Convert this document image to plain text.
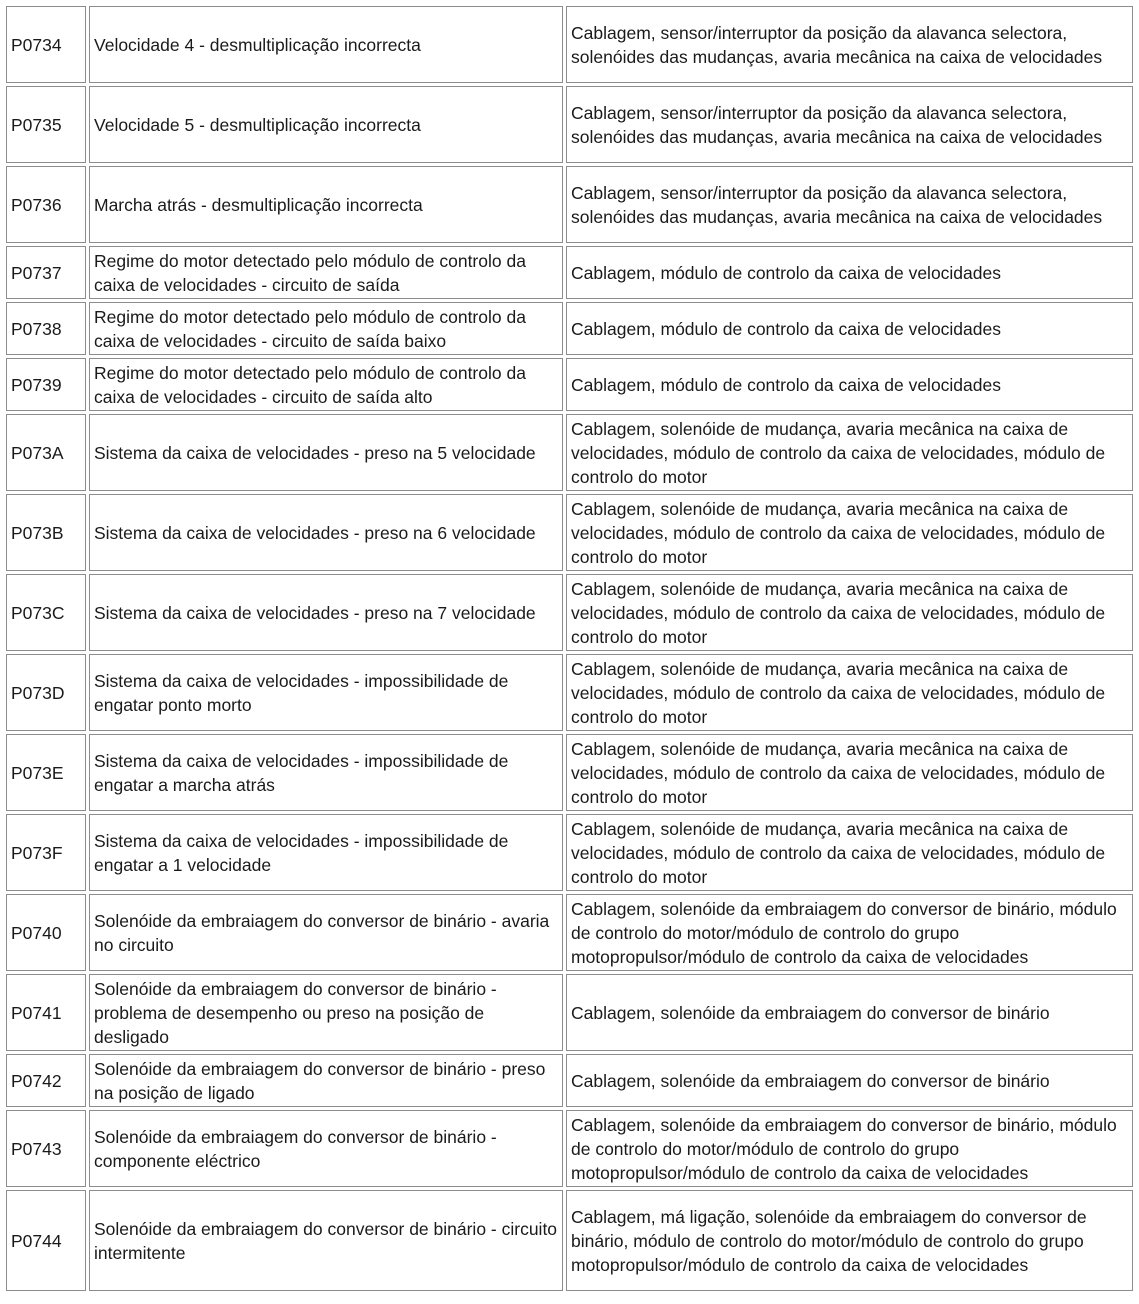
P0734	Velocidade 4 - desmultiplicação incorrecta	Cablagem, sensor/interruptor da posição da alavanca selectora, solenóides das mudanças, avaria mecânica na caixa de velocidades
P0735	Velocidade 5 - desmultiplicação incorrecta	Cablagem, sensor/interruptor da posição da alavanca selectora, solenóides das mudanças, avaria mecânica na caixa de velocidades
P0736	Marcha atrás - desmultiplicação incorrecta	Cablagem, sensor/interruptor da posição da alavanca selectora, solenóides das mudanças, avaria mecânica na caixa de velocidades
P0737	Regime do motor detectado pelo módulo de controlo da caixa de velocidades - circuito de saída	Cablagem, módulo de controlo da caixa de velocidades
P0738	Regime do motor detectado pelo módulo de controlo da caixa de velocidades - circuito de saída baixo	Cablagem, módulo de controlo da caixa de velocidades
P0739	Regime do motor detectado pelo módulo de controlo da caixa de velocidades - circuito de saída alto	Cablagem, módulo de controlo da caixa de velocidades
P073A	Sistema da caixa de velocidades - preso na 5 velocidade	Cablagem, solenóide de mudança, avaria mecânica na caixa de velocidades, módulo de controlo da caixa de velocidades, módulo de controlo do motor
P073B	Sistema da caixa de velocidades - preso na 6 velocidade	Cablagem, solenóide de mudança, avaria mecânica na caixa de velocidades, módulo de controlo da caixa de velocidades, módulo de controlo do motor
P073C	Sistema da caixa de velocidades - preso na 7 velocidade	Cablagem, solenóide de mudança, avaria mecânica na caixa de velocidades, módulo de controlo da caixa de velocidades, módulo de controlo do motor
P073D	Sistema da caixa de velocidades - impossibilidade de engatar ponto morto	Cablagem, solenóide de mudança, avaria mecânica na caixa de velocidades, módulo de controlo da caixa de velocidades, módulo de controlo do motor
P073E	Sistema da caixa de velocidades - impossibilidade de engatar a marcha atrás	Cablagem, solenóide de mudança, avaria mecânica na caixa de velocidades, módulo de controlo da caixa de velocidades, módulo de controlo do motor
P073F	Sistema da caixa de velocidades - impossibilidade de engatar a 1 velocidade	Cablagem, solenóide de mudança, avaria mecânica na caixa de velocidades, módulo de controlo da caixa de velocidades, módulo de controlo do motor
P0740	Solenóide da embraiagem do conversor de binário - avaria no circuito	Cablagem, solenóide da embraiagem do conversor de binário, módulo de controlo do motor/módulo de controlo do grupo motopropulsor/módulo de controlo da caixa de velocidades
P0741	Solenóide da embraiagem do conversor de binário - problema de desempenho ou preso na posição de desligado	Cablagem, solenóide da embraiagem do conversor de binário
P0742	Solenóide da embraiagem do conversor de binário - preso na posição de ligado	Cablagem, solenóide da embraiagem do conversor de binário
P0743	Solenóide da embraiagem do conversor de binário - componente eléctrico	Cablagem, solenóide da embraiagem do conversor de binário, módulo de controlo do motor/módulo de controlo do grupo motopropulsor/módulo de controlo da caixa de velocidades
P0744	Solenóide da embraiagem do conversor de binário - circuito intermitente	Cablagem, má ligação, solenóide da embraiagem do conversor de binário, módulo de controlo do motor/módulo de controlo do grupo motopropulsor/módulo de controlo da caixa de velocidades
